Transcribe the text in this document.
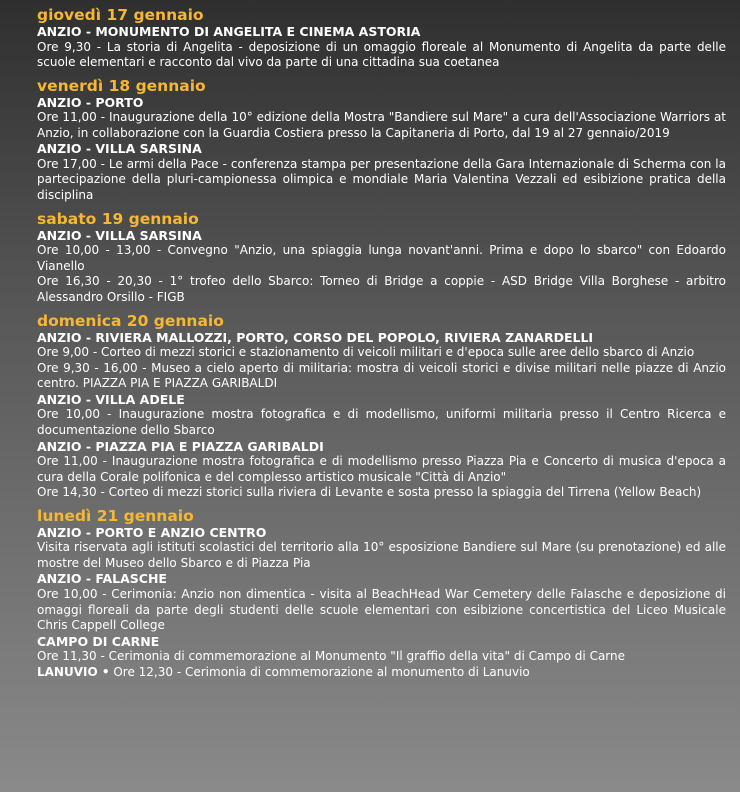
giovedì 17 gennaio
ANZIO - MONUMENTO DI ANGELITA E CINEMA ASTORIA
Ore 9,30 - La storia di Angelita - deposizione di un omaggio floreale al Monumento di Angelita da parte delle scuole elementari e racconto dal vivo da parte di una cittadina sua coetanea
venerdì 18 gennaio
ANZIO - PORTO
Ore 11,00 - Inaugurazione della 10° edizione della Mostra "Bandiere sul Mare" a cura dell'Associazione Warriors at Anzio, in collaborazione con la Guardia Costiera presso la Capitaneria di Porto, dal 19 al 27 gennaio/2019
ANZIO - VILLA SARSINA
Ore 17,00 - Le armi della Pace - conferenza stampa per presentazione della Gara Internazionale di Scherma con la partecipazione della pluri-campionessa olimpica e mondiale Maria Valentina Vezzali ed esibizione pratica della disciplina
sabato 19 gennaio
ANZIO - VILLA SARSINA
Ore 10,00 - 13,00 - Convegno "Anzio, una spiaggia lunga novant'anni. Prima e dopo lo sbarco" con Edoardo Vianello
Ore 16,30 - 20,30 - 1° trofeo dello Sbarco: Torneo di Bridge a coppie - ASD Bridge Villa Borghese - arbitro Alessandro Orsillo - FIGB
domenica 20 gennaio
ANZIO - RIVIERA MALLOZZI, PORTO, CORSO DEL POPOLO, RIVIERA ZANARDELLI
Ore 9,00 - Corteo di mezzi storici e stazionamento di veicoli militari e d'epoca sulle aree dello sbarco di Anzio
Ore 9,30 - 16,00 - Museo a cielo aperto di militaria: mostra di veicoli storici e divise militari nelle piazze di Anzio centro. PIAZZA PIA E PIAZZA GARIBALDI
ANZIO - VILLA ADELE
Ore 10,00 - Inaugurazione mostra fotografica e di modellismo, uniformi militaria presso il Centro Ricerca e documentazione dello Sbarco
ANZIO - PIAZZA PIA E PIAZZA GARIBALDI
Ore 11,00 - Inaugurazione mostra fotografica e di modellismo presso Piazza Pia e Concerto di musica d'epoca a cura della Corale polifonica e del complesso artistico musicale "Città di Anzio"
Ore 14,30 - Corteo di mezzi storici sulla riviera di Levante e sosta presso la spiaggia del Tirrena (Yellow Beach)
lunedì 21 gennaio
ANZIO - PORTO E ANZIO CENTRO
Visita riservata agli istituti scolastici del territorio alla 10° esposizione Bandiere sul Mare (su prenotazione) ed alle mostre del Museo dello Sbarco e di Piazza Pia
ANZIO - FALASCHE
Ore 10,00 - Cerimonia: Anzio non dimentica - visita al BeachHead War Cemetery delle Falasche e deposizione di omaggi floreali da parte degli studenti delle scuole elementari con esibizione concertistica del Liceo Musicale Chris Cappell College
CAMPO DI CARNE
Ore 11,30 - Cerimonia di commemorazione al Monumento "Il graffio della vita" di Campo di Carne
LANUVIO • Ore 12,30 - Cerimonia di commemorazione al monumento di Lanuvio
